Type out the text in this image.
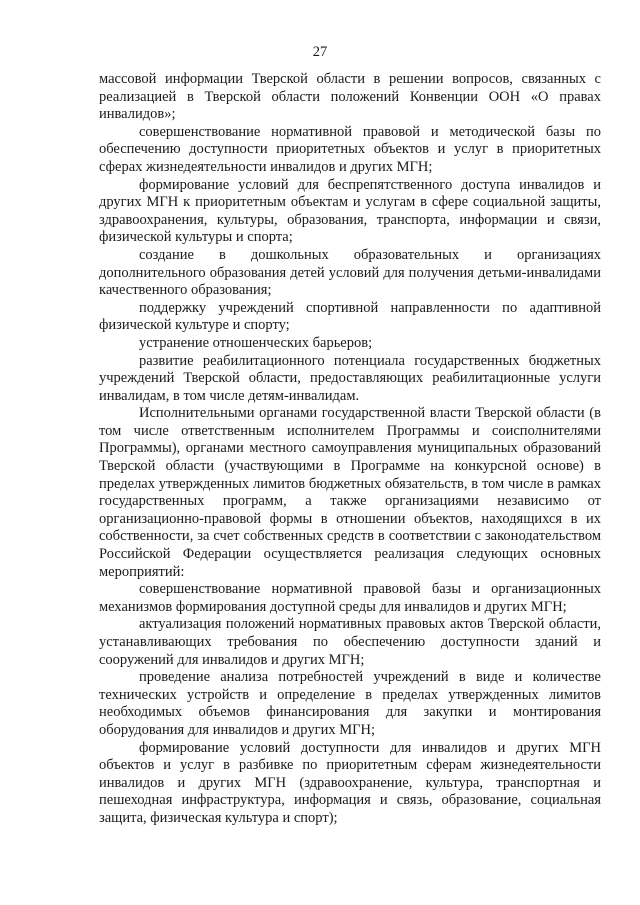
27

массовой информации Тверской области в решении вопросов, связанных с реализацией в Тверской области положений Конвенции ООН «О правах инвалидов»;

совершенствование нормативной правовой и методической базы по обеспечению доступности приоритетных объектов и услуг в приоритетных сферах жизнедеятельности инвалидов и других МГН;

формирование условий для беспрепятственного доступа инвалидов и других МГН к приоритетным объектам и услугам в сфере социальной защиты, здравоохранения, культуры, образования, транспорта, информации и связи, физической культуры и спорта;

создание в дошкольных образовательных и организациях дополнительного образования детей условий для получения детьми-инвалидами качественного образования;

поддержку учреждений спортивной направленности по адаптивной физической культуре и спорту;

устранение отношенческих барьеров;

развитие реабилитационного потенциала государственных бюджетных учреждений Тверской области, предоставляющих реабилитационные услуги инвалидам, в том числе детям-инвалидам.

Исполнительными органами государственной власти Тверской области (в том числе ответственным исполнителем Программы и соисполнителями Программы), органами местного самоуправления муниципальных образований Тверской области (участвующими в Программе на конкурсной основе) в пределах утвержденных лимитов бюджетных обязательств, в том числе в рамках государственных программ, а также организациями независимо от организационно-правовой формы в отношении объектов, находящихся в их собственности, за счет собственных средств в соответствии с законодательством Российской Федерации осуществляется реализация следующих основных мероприятий:

совершенствование нормативной правовой базы и организационных механизмов формирования доступной среды для инвалидов и других МГН;

актуализация положений нормативных правовых актов Тверской области, устанавливающих требования по обеспечению доступности зданий и сооружений для инвалидов и других МГН;

проведение анализа потребностей учреждений в виде и количестве технических устройств и определение в пределах утвержденных лимитов необходимых объемов финансирования для закупки и монтирования оборудования для инвалидов и других МГН;

формирование условий доступности для инвалидов и других МГН объектов и услуг в разбивке по приоритетным сферам жизнедеятельности инвалидов и других МГН (здравоохранение, культура, транспортная и пешеходная инфраструктура, информация и связь, образование, социальная защита, физическая культура и спорт);
